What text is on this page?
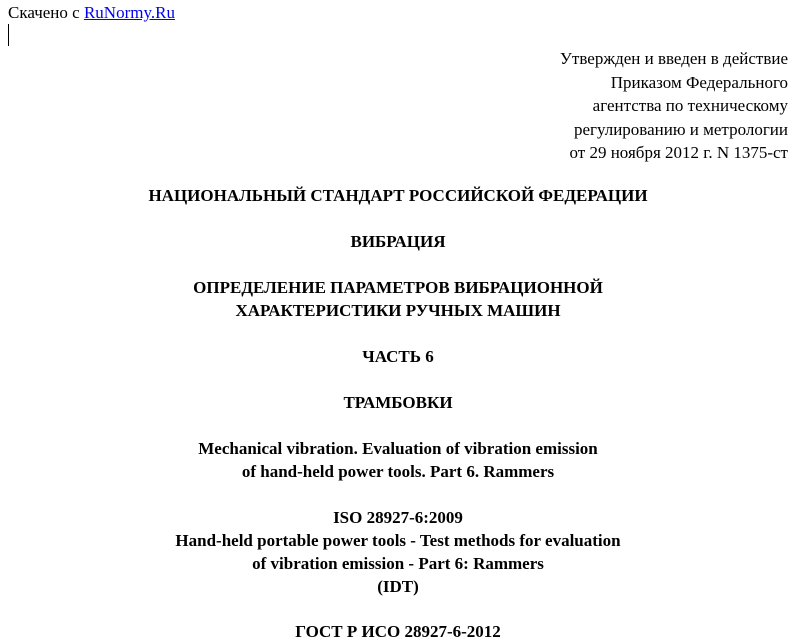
Скачено с RuNormy.Ru
Утвержден и введен в действие
Приказом Федерального
агентства по техническому
регулированию и метрологии
от 29 ноября 2012 г. N 1375-ст
НАЦИОНАЛЬНЫЙ СТАНДАРТ РОССИЙСКОЙ ФЕДЕРАЦИИ
ВИБРАЦИЯ
ОПРЕДЕЛЕНИЕ ПАРАМЕТРОВ ВИБРАЦИОННОЙ
ХАРАКТЕРИСТИКИ РУЧНЫХ МАШИН
ЧАСТЬ 6
ТРАМБОВКИ
Mechanical vibration. Evaluation of vibration emission
of hand-held power tools. Part 6. Rammers
ISO 28927-6:2009
Hand-held portable power tools - Test methods for evaluation
of vibration emission - Part 6: Rammers
(IDT)
ГОСТ Р ИСО 28927-6-2012
